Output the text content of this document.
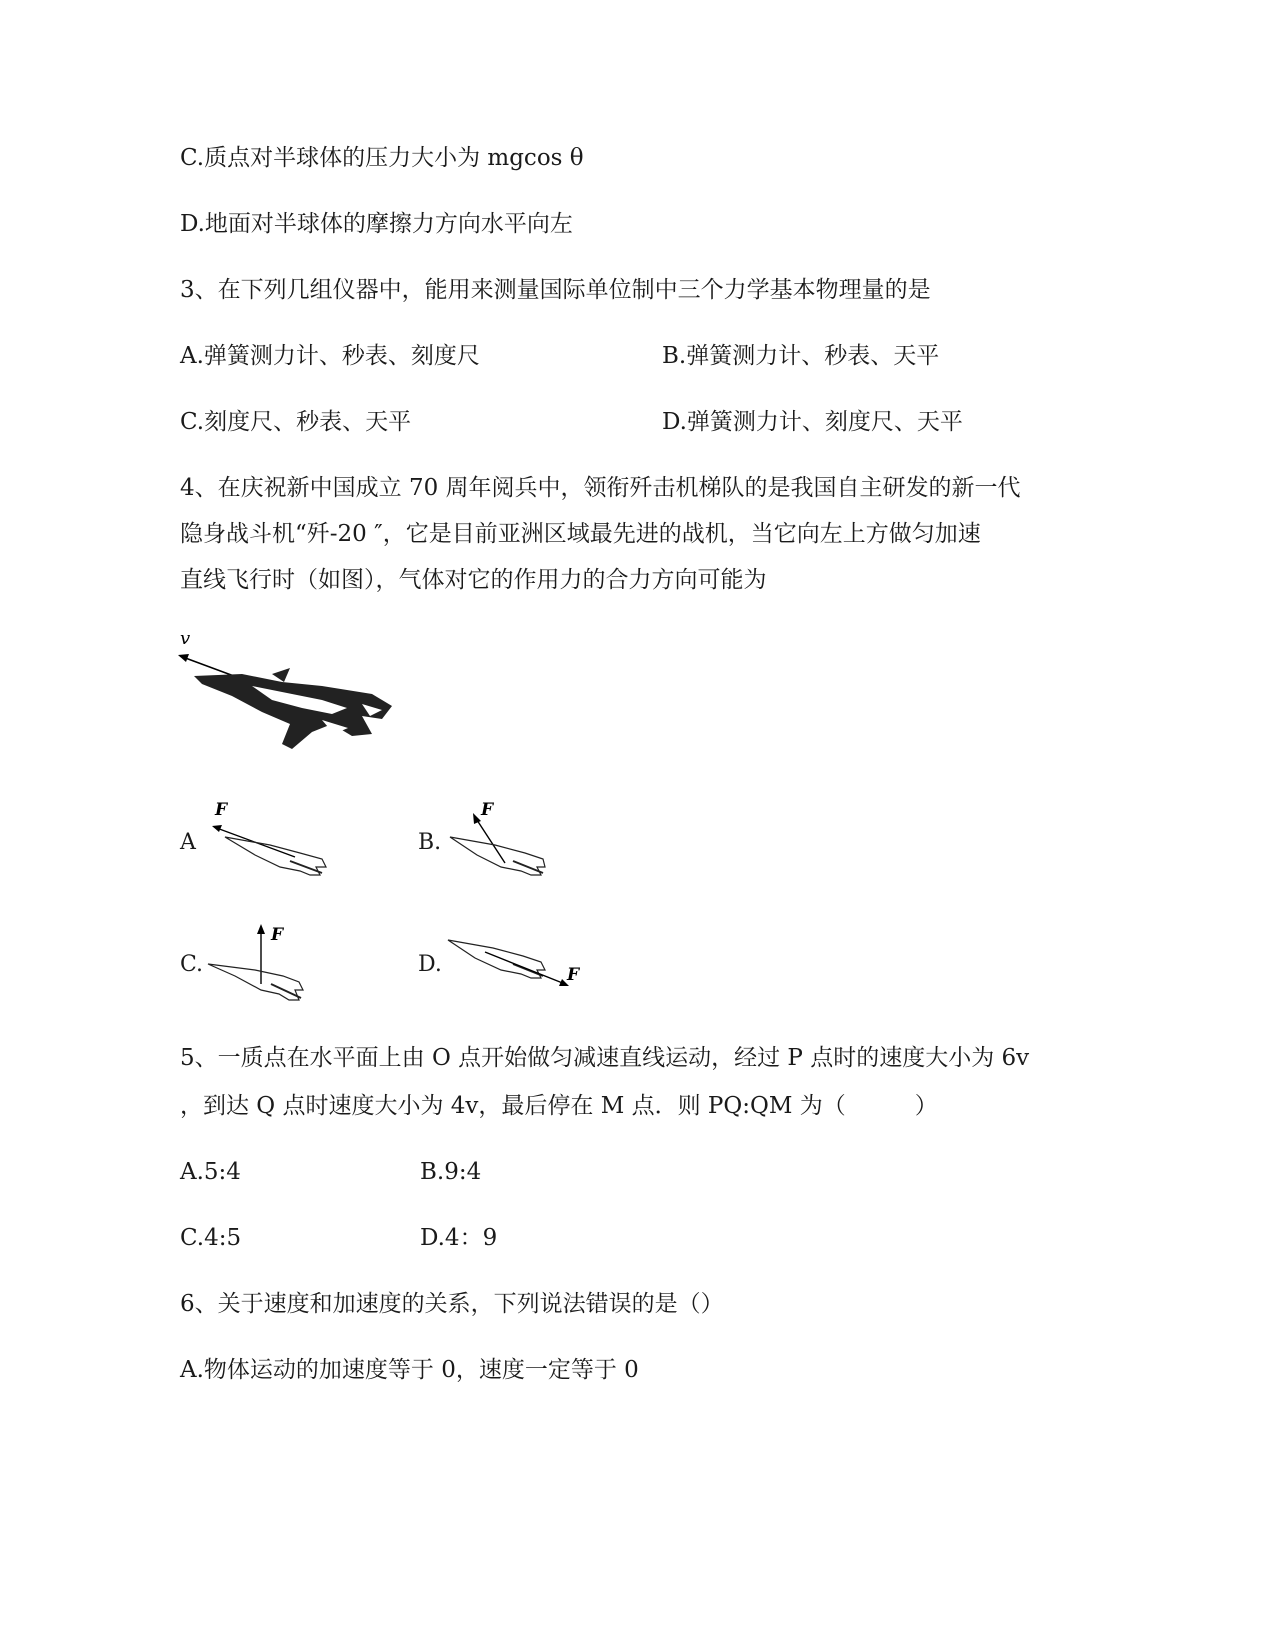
C.质点对半球体的压力大小为 mgcos θ
D.地面对半球体的摩擦力方向水平向左
3、在下列几组仪器中，能用来测量国际单位制中三个力学基本物理量的是
A.弹簧测力计、秒表、刻度尺	B.弹簧测力计、秒表、天平
C.刻度尺、秒表、天平	D.弹簧测力计、刻度尺、天平
4、在庆祝新中国成立 70 周年阅兵中，领衔歼击机梯队的是我国自主研发的新一代
隐身战斗机“歼-20 ″，它是目前亚洲区域最先进的战机，当它向左上方做匀加速
直线飞行时（如图），气体对它的作用力的合力方向可能为
v
A
F
B.
F
C.
F
D.	F
5、一质点在水平面上由 O 点开始做匀减速直线运动，经过 P 点时的速度大小为 6v
，到达 Q 点时速度大小为 4v，最后停在 M 点．则 PQ:QM 为（　　　）
A.5:4	B.9:4
C.4:5	D.4：9
6、关于速度和加速度的关系，下列说法错误的是（）
A.物体运动的加速度等于 0，速度一定等于 0
